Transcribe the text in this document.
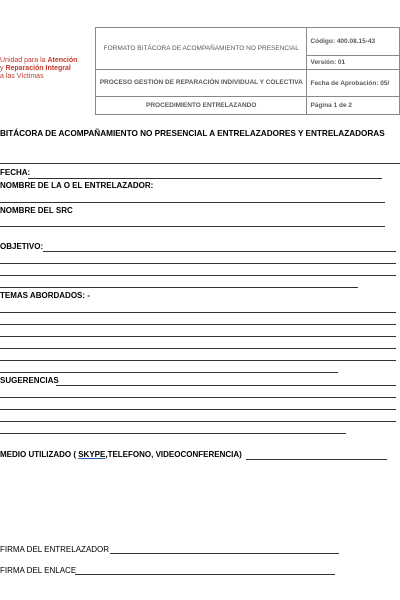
Unidad para la Atención
y Reparación Integral
a las Víctimas
FORMATO BITÁCORA DE ACOMPAÑAMIENTO NO PRESENCIAL	Código: 400.08.15-43
	Versión: 01
PROCESO GESTIÓN DE REPARACIÓN INDIVIDUAL Y COLECTIVA	Fecha de Aprobación: 05/
PROCEDIMIENTO ENTRELAZANDO	Página 1 de 2
BITÁCORA DE ACOMPAÑAMIENTO NO PRESENCIAL A ENTRELAZADORES Y ENTRELAZADORAS
FECHA:
NOMBRE DE LA O EL ENTRELAZADOR:
NOMBRE DEL SRC
OBJETIVO:
TEMAS ABORDADOS: -
SUGERENCIAS
MEDIO UTILIZADO ( SKYPE,TELEFONO, VIDEOCONFERENCIA)
FIRMA DEL ENTRELAZADOR
FIRMA DEL ENLACE
